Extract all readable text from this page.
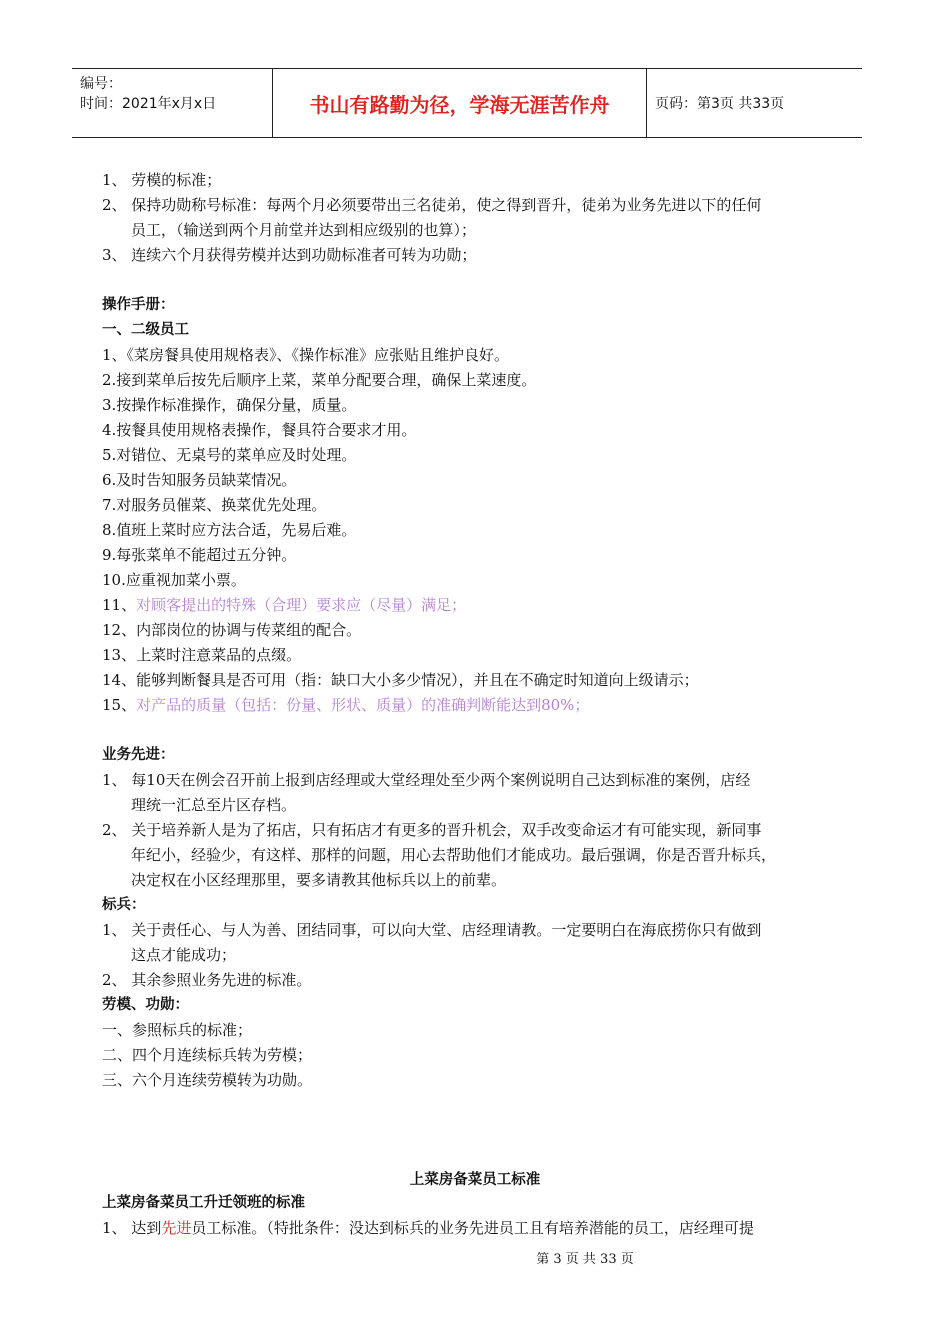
编号：
时间：2021年x月x日	书山有路勤为径，学海无涯苦作舟	页码：第3页 共33页
1、 劳模的标准；
2、 保持功勋称号标准：每两个月必须要带出三名徒弟，使之得到晋升，徒弟为业务先进以下的任何
员工，（输送到两个月前堂并达到相应级别的也算）；
3、 连续六个月获得劳模并达到功勋标准者可转为功勋；
操作手册：
一、二级员工
1、《菜房餐具使用规格表》、《操作标准》应张贴且维护良好。
2.接到菜单后按先后顺序上菜，菜单分配要合理，确保上菜速度。
3.按操作标准操作，确保分量，质量。
4.按餐具使用规格表操作，餐具符合要求才用。
5.对错位、无桌号的菜单应及时处理。
6.及时告知服务员缺菜情况。
7.对服务员催菜、换菜优先处理。
8.值班上菜时应方法合适，先易后难。
9.每张菜单不能超过五分钟。
10.应重视加菜小票。
11、对顾客提出的特殊（合理）要求应（尽量）满足；
12、内部岗位的协调与传菜组的配合。
13、上菜时注意菜品的点缀。
14、能够判断餐具是否可用（指：缺口大小多少情况），并且在不确定时知道向上级请示；
15、对产品的质量（包括：份量、形状、质量）的准确判断能达到80%；
业务先进：
1、 每10天在例会召开前上报到店经理或大堂经理处至少两个案例说明自己达到标准的案例，店经
理统一汇总至片区存档。
2、 关于培养新人是为了拓店，只有拓店才有更多的晋升机会，双手改变命运才有可能实现，新同事
年纪小，经验少，有这样、那样的问题，用心去帮助他们才能成功。最后强调，你是否晋升标兵，
决定权在小区经理那里，要多请教其他标兵以上的前辈。
标兵：
1、 关于责任心、与人为善、团结同事，可以向大堂、店经理请教。一定要明白在海底捞你只有做到
这点才能成功；
2、 其余参照业务先进的标准。
劳模、功勋：
一、参照标兵的标准；
二、四个月连续标兵转为劳模；
三、六个月连续劳模转为功勋。
上菜房备菜员工标准
上菜房备菜员工升迁领班的标准
1、 达到先进员工标准。（特批条件：没达到标兵的业务先进员工且有培养潜能的员工，店经理可提
第 3 页 共 33 页
